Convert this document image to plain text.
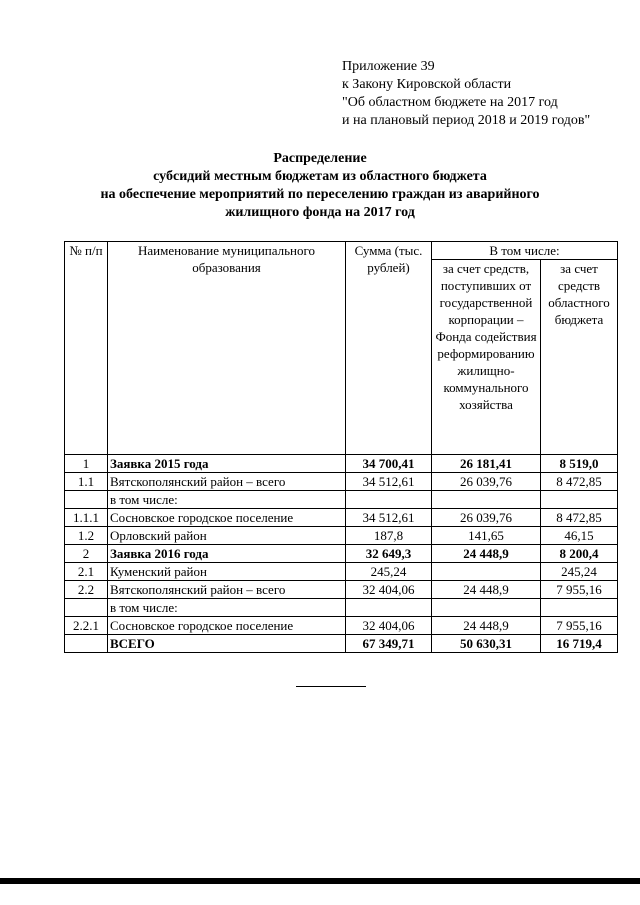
Приложение 39
к Закону Кировской области
"Об областном бюджете на 2017 год
и на плановый период 2018 и 2019 годов"
Распределение
субсидий местным бюджетам из областного бюджета
на обеспечение мероприятий по переселению граждан из аварийного
жилищного фонда на 2017 год
№ п/п	Наименование муниципального образования	Сумма (тыс. рублей)	В том числе:	
			за счет средств, поступивших от государственной корпорации – Фонда содействия реформированию жилищно-коммунального хозяйства	за счет средств областного бюджета
1	Заявка 2015 года	34 700,41	26 181,41	8 519,0
1.1	Вятскополянский район – всего	34 512,61	26 039,76	8 472,85
	в том числе:			
1.1.1	Сосновское городское поселение	34 512,61	26 039,76	8 472,85
1.2	Орловский район	187,8	141,65	46,15
2	Заявка 2016 года	32 649,3	24 448,9	8 200,4
2.1	Куменский район	245,24		245,24
2.2	Вятскополянский район – всего	32 404,06	24 448,9	7 955,16
	в том числе:			
2.2.1	Сосновское городское поселение	32 404,06	24 448,9	7 955,16
	ВСЕГО	67 349,71	50 630,31	16 719,4
